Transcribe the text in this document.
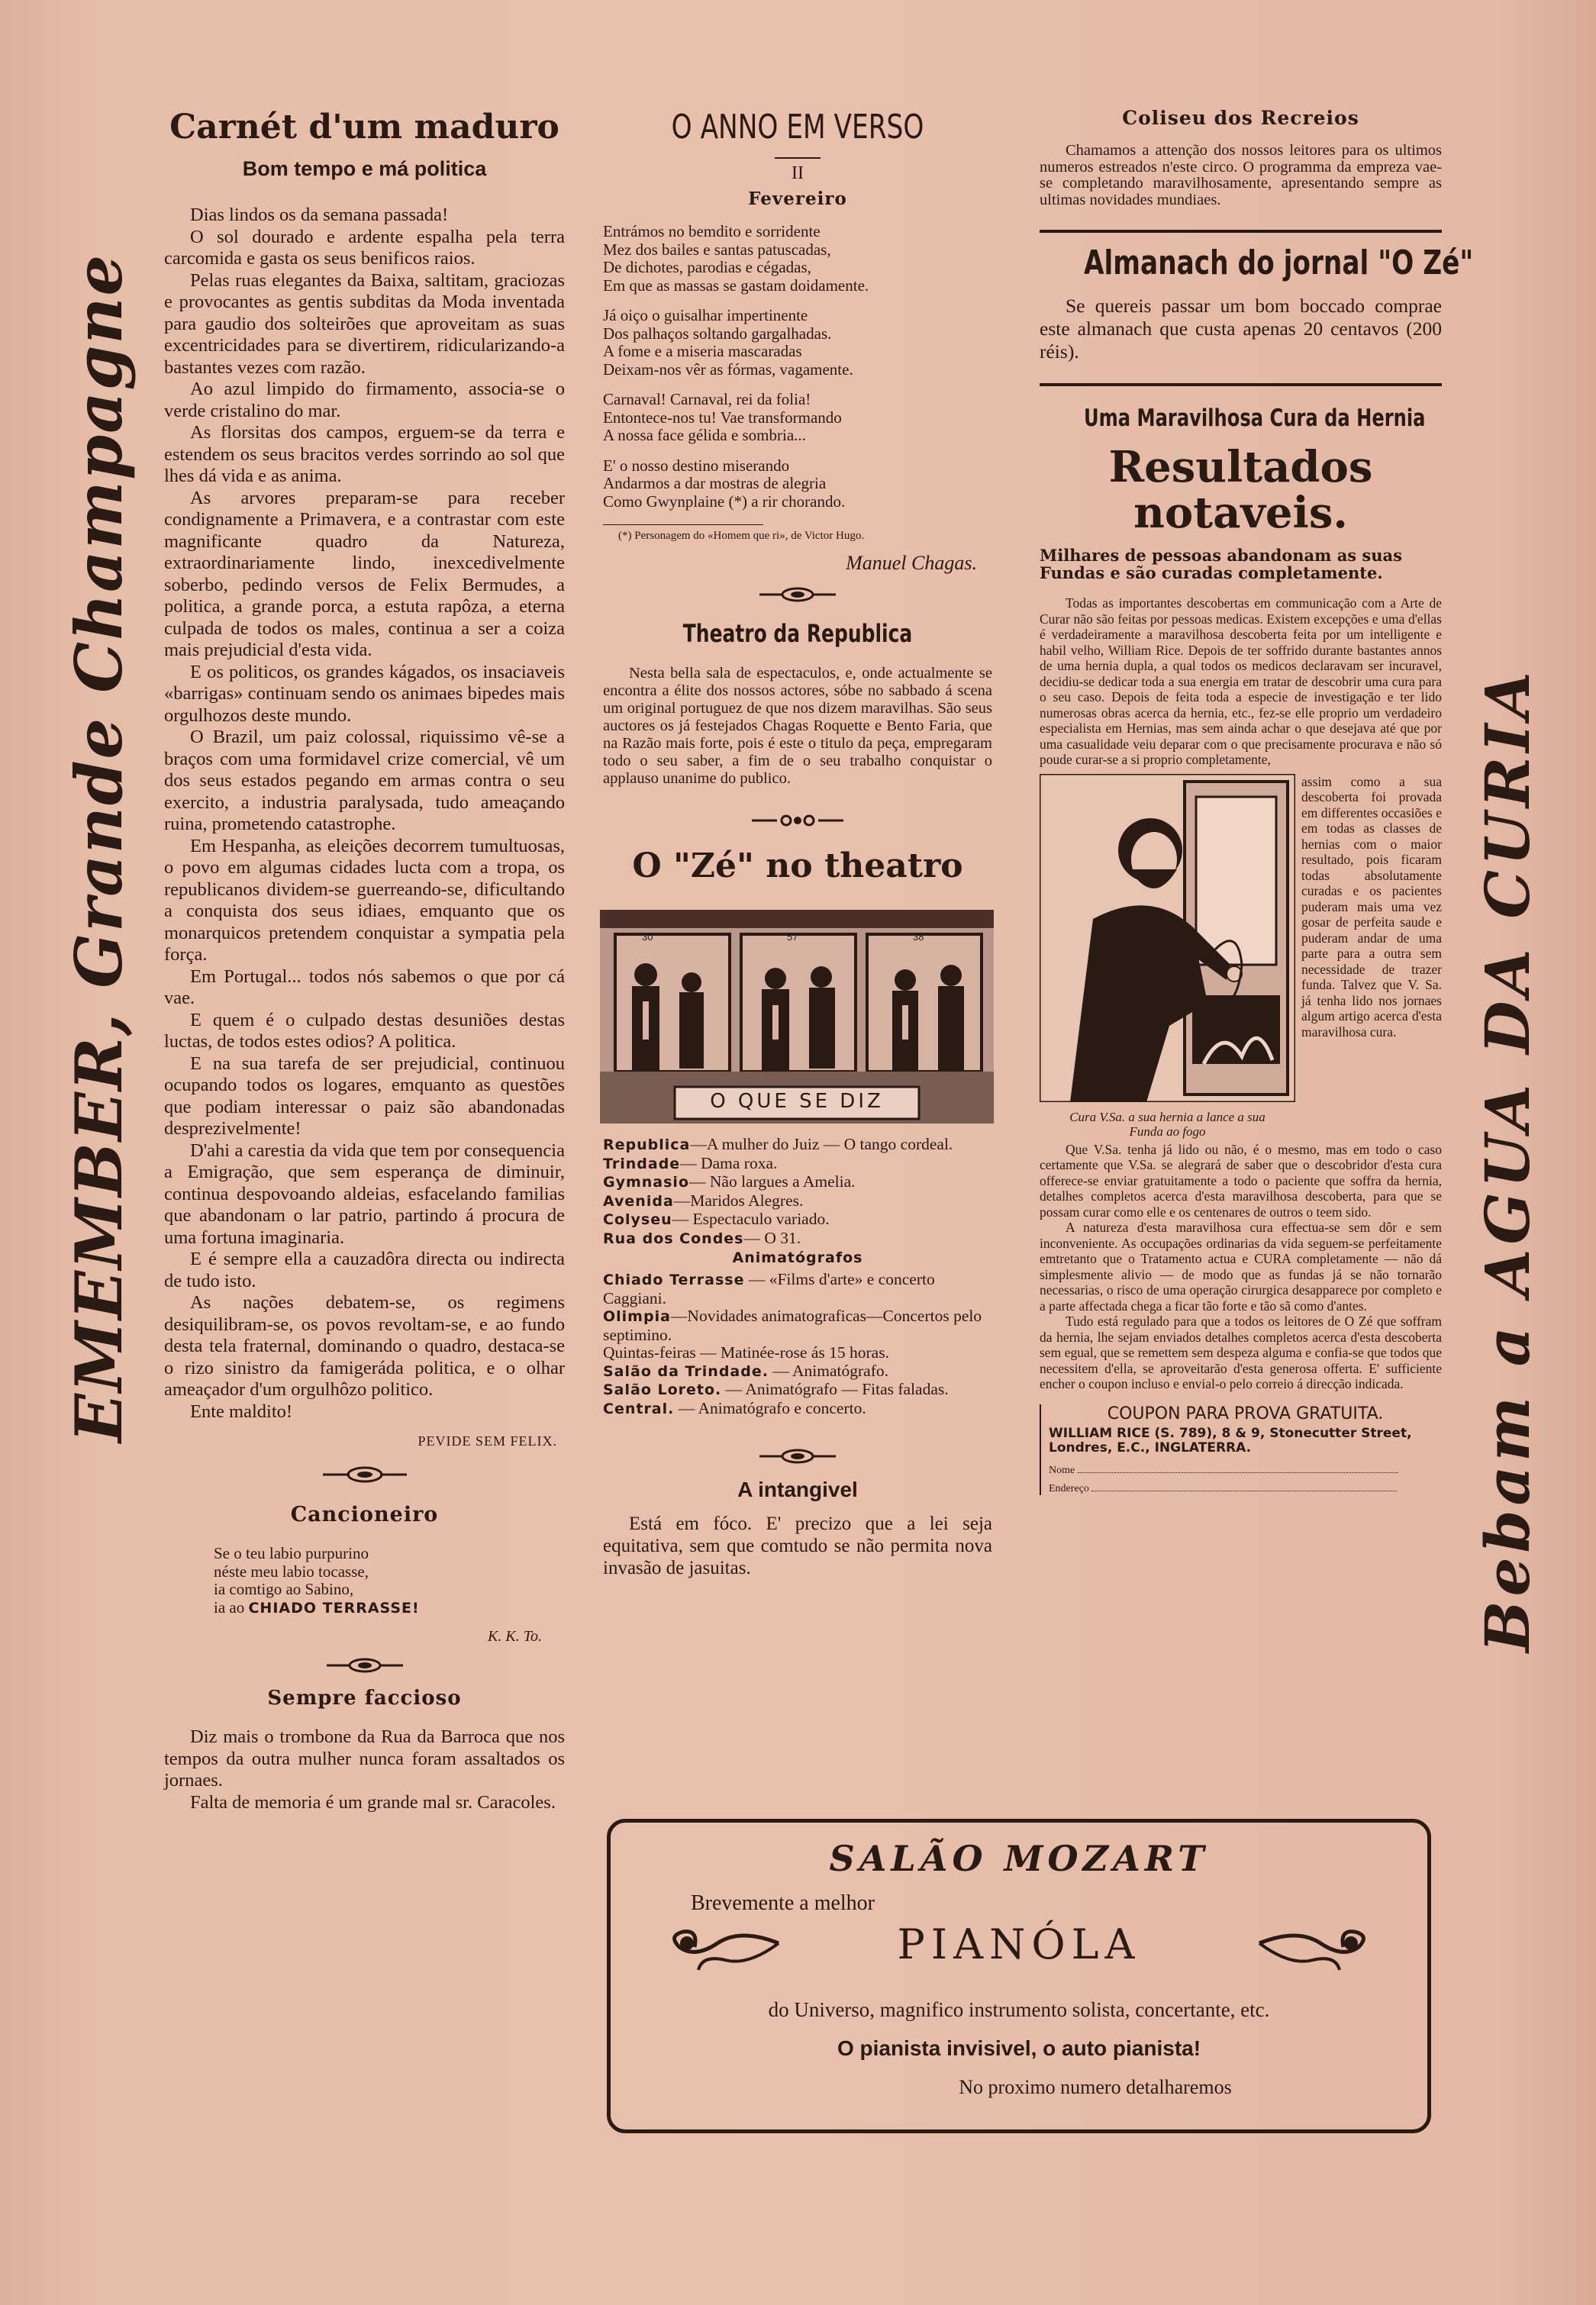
EMEMBER, Grande Champagne	Bebam a AGUA DA CURIA
Carnét d'um maduro
Bom tempo e má politica

Dias lindos os da semana passada!

O sol dourado e ardente espalha pela terra carcomida e gasta os seus benificos raios.

Pelas ruas elegantes da Baixa, saltitam, graciozas e provocantes as gentis subditas da Moda inventada para gaudio dos solteirões que aproveitam as suas excentricidades para se divertirem, ridicularizando-a bastantes vezes com razão.

Ao azul limpido do firmamento, associa-se o verde cristalino do mar.

As florsitas dos campos, erguem-se da terra e estendem os seus bracitos verdes sorrindo ao sol que lhes dá vida e as anima.

As arvores preparam-se para receber condignamente a Primavera, e a contrastar com este magnificante quadro da Natureza, extraordinariamente lindo, inexcedivelmente soberbo, pedindo versos de Felix Bermudes, a politica, a grande porca, a estuta rapôza, a eterna culpada de todos os males, continua a ser a coiza mais prejudicial d'esta vida.

E os politicos, os grandes kágados, os insaciaveis «barrigas» continuam sendo os animaes bipedes mais orgulhozos deste mundo.

O Brazil, um paiz colossal, riquissimo vê-se a braços com uma formidavel crize comercial, vê um dos seus estados pegando em armas contra o seu exercito, a industria paralysada, tudo ameaçando ruina, prometendo catastrophe.

Em Hespanha, as eleições decorrem tumultuosas, o povo em algumas cidades lucta com a tropa, os republicanos dividem-se guerreando-se, dificultando a conquista dos seus idiaes, emquanto que os monarquicos pretendem conquistar a sympatia pela força.

Em Portugal... todos nós sabemos o que por cá vae.

E quem é o culpado destas desuniões destas luctas, de todos estes odios? A politica.

E na sua tarefa de ser prejudicial, continuou ocupando todos os logares, emquanto as questões que podiam interessar o paiz são abandonadas desprezivelmente!

D'ahi a carestia da vida que tem por consequencia a Emigração, que sem esperança de diminuir, continua despovoando aldeias, esfacelando familias que abandonam o lar patrio, partindo á procura de uma fortuna imaginaria.

E é sempre ella a cauzadôra directa ou indirecta de tudo isto.

As nações debatem-se, os regimens desiquilibram-se, os povos revoltam-se, e ao fundo desta tela fraternal, dominando o quadro, destaca-se o rizo sinistro da famigeráda politica, e o olhar ameaçador d'um orgulhôzo politico.

Ente maldito!

PEVIDE SEM FELIX.
Cancioneiro
Se o teu labio purpurino
néste meu labio tocasse,
ia comtigo ao Sabino,
ia ao CHIADO TERRASSE!
K. K. To.
Sempre faccioso

Diz mais o trombone da Rua da Barroca que nos tempos da outra mulher nunca foram assaltados os jornaes.

Falta de memoria é um grande mal sr. Caracoles.

O ANNO EM VERSO
II
Fevereiro
Entrámos no bemdito e sorridente
Mez dos bailes e santas patuscadas,
De dichotes, parodias e cégadas,
Em que as massas se gastam doidamente.
Já oiço o guisalhar impertinente
Dos palhaços soltando gargalhadas.
A fome e a miseria mascaradas
Deixam-nos vêr as fórmas, vagamente.
Carnaval! Carnaval, rei da folia!
Entontece-nos tu! Vae transformando
A nossa face gélida e sombria...
E' o nosso destino miserando
Andarmos a dar mostras de alegria
Como Gwynplaine (*) a rir chorando.
(*) Personagem do «Homem que ri», de Victor Hugo.
Manuel Chagas.
Theatro da Republica

Nesta bella sala de espectaculos, e, onde actualmente se encontra a élite dos nossos actores, sóbe no sabbado á scena um original portuguez de que nos dizem maravilhas. São seus auctores os já festejados Chagas Roquette e Bento Faria, que na Razão mais forte, pois é este o titulo da peça, empregaram todo o seu saber, a fim de o seu trabalho conquistar o applauso unanime do publico.

O "Zé" no theatro
30	57	38
O QUE SE DIZ
Republica—A mulher do Juiz — O tango cordeal.
Trindade— Dama roxa.
Gymnasio— Não largues a Amelia.
Avenida—Maridos Alegres.
Colyseu— Espectaculo variado.
Rua dos Condes— O 31.
Animatógrafos
Chiado Terrasse — «Films d'arte» e concerto Caggiani.
Olimpia—Novidades animatograficas—Concertos pelo septimino.
Quintas-feiras — Matinée-rose ás 15 horas.
Salão da Trindade. — Animatógrafo.
Salão Loreto. — Animatógrafo — Fitas faladas.
Central. — Animatógrafo e concerto.
A intangivel

Está em fóco. E' precizo que a lei seja equitativa, sem que comtudo se não permita nova invasão de jasuitas.

Coliseu dos Recreios

Chamamos a attenção dos nossos leitores para os ultimos numeros estreados n'este circo. O programma da empreza vae-se completando maravilhosamente, apresentando sempre as ultimas novidades mundiaes.

Almanach do jornal "O Zé"

Se quereis passar um bom boccado comprae este almanach que custa apenas 20 centavos (200 réis).

Uma Maravilhosa Cura da Hernia
Resultados
notaveis.
Milhares de pessoas abandonam as suas Fundas e são curadas completamente.

Todas as importantes descobertas em communicação com a Arte de Curar não são feitas por pessoas medicas. Existem excepções e uma d'ellas é verdadeiramente a maravilhosa descoberta feita por um intelligente e habil velho, William Rice. Depois de ter soffrido durante bastantes annos de uma hernia dupla, a qual todos os medicos declaravam ser incuravel, decidiu-se dedicar toda a sua energia em tratar de descobrir uma cura para o seu caso. Depois de feita toda a especie de investigação e ter lido numerosas obras acerca da hernia, etc., fez-se elle proprio um verdadeiro especialista em Hernias, mas sem ainda achar o que desejava até que por uma casualidade veiu deparar com o que precisamente procurava e não só poude curar-se a si proprio completamente,

Cura V.Sa. a sua hernia a lance a sua Funda ao fogo

assim como a sua descoberta foi provada em differentes occasiões e em todas as classes de hernias com o maior resultado, pois ficaram todas absolutamente curadas e os pacientes puderam mais uma vez gosar de perfeita saude e puderam andar de uma parte para a outra sem necessidade de trazer funda. Talvez que V. Sa. já tenha lido nos jornaes algum artigo acerca d'esta maravilhosa cura.

Que V.Sa. tenha já lido ou não, é o mesmo, mas em todo o caso certamente que V.Sa. se alegrará de saber que o descobridor d'esta cura offerece-se enviar gratuitamente a todo o paciente que soffra da hernia, detalhes completos acerca d'esta maravilhosa descoberta, para que se possam curar como elle e os centenares de outros o teem sido.

A natureza d'esta maravilhosa cura effectua-se sem dôr e sem inconveniente. As occupações ordinarias da vida seguem-se perfeitamente emtretanto que o Tratamento actua e CURA completamente — não dá simplesmente alivio — de modo que as fundas já se não tornarão necessarias, o risco de uma operação cirurgica desapparece por completo e a parte affectada chega a ficar tão forte e tão sã como d'antes.

Tudo está regulado para que a todos os leitores de O Zé que soffram da hernia, lhe sejam enviados detalhes completos acerca d'esta descoberta sem egual, que se remettem sem despeza alguma e confia-se que todos que necessitem d'ella, se aproveitarão d'esta generosa offerta. E' sufficiente encher o coupon incluso e envial-o pelo correio á direcção indicada.

COUPON PARA PROVA GRATUITA.
WILLIAM RICE (S. 789), 8 & 9, Stonecutter Street, Londres, E.C., INGLATERRA.
Nome
Endereço
SALÃO MOZART
Brevemente a melhor
PIANÓLA
do Universo, magnifico instrumento solista, concertante, etc.
O pianista invisivel, o auto pianista!
No proximo numero detalharemos
